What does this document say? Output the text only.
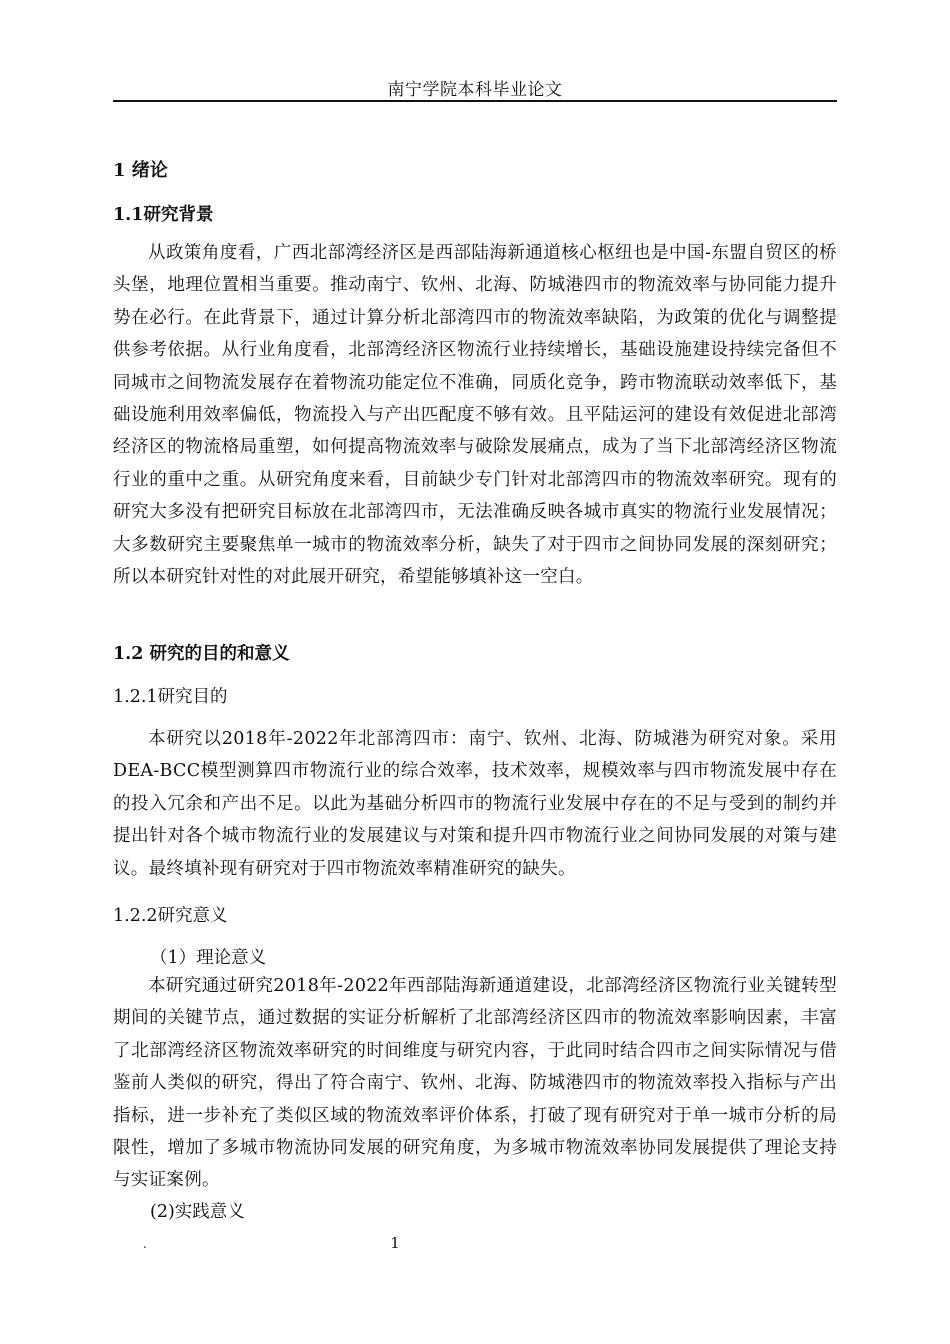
南宁学院本科毕业论文
1 绪论
1.1研究背景
从政策角度看，广西北部湾经济区是西部陆海新通道核心枢纽也是中国-东盟自贸区的桥头堡，地理位置相当重要。推动南宁、钦州、北海、防城港四市的物流效率与协同能力提升势在必行。在此背景下，通过计算分析北部湾四市的物流效率缺陷，为政策的优化与调整提供参考依据。从行业角度看，北部湾经济区物流行业持续增长，基础设施建设持续完备但不同城市之间物流发展存在着物流功能定位不准确，同质化竞争，跨市物流联动效率低下，基础设施利用效率偏低，物流投入与产出匹配度不够有效。且平陆运河的建设有效促进北部湾经济区的物流格局重塑，如何提高物流效率与破除发展痛点，成为了当下北部湾经济区物流行业的重中之重。从研究角度来看，目前缺少专门针对北部湾四市的物流效率研究。现有的研究大多没有把研究目标放在北部湾四市，无法准确反映各城市真实的物流行业发展情况；大多数研究主要聚焦单一城市的物流效率分析，缺失了对于四市之间协同发展的深刻研究；所以本研究针对性的对此展开研究，希望能够填补这一空白。
1.2 研究的目的和意义
1.2.1研究目的
本研究以2018年-2022年北部湾四市：南宁、钦州、北海、防城港为研究对象。采用DEA-BCC模型测算四市物流行业的综合效率，技术效率，规模效率与四市物流发展中存在的投入冗余和产出不足。以此为基础分析四市的物流行业发展中存在的不足与受到的制约并提出针对各个城市物流行业的发展建议与对策和提升四市物流行业之间协同发展的对策与建议。最终填补现有研究对于四市物流效率精准研究的缺失。
1.2.2研究意义
（1）理论意义
本研究通过研究2018年-2022年西部陆海新通道建设，北部湾经济区物流行业关键转型期间的关键节点，通过数据的实证分析解析了北部湾经济区四市的物流效率影响因素，丰富了北部湾经济区物流效率研究的时间维度与研究内容，于此同时结合四市之间实际情况与借鉴前人类似的研究，得出了符合南宁、钦州、北海、防城港四市的物流效率投入指标与产出指标，进一步补充了类似区域的物流效率评价体系，打破了现有研究对于单一城市分析的局限性，增加了多城市物流协同发展的研究角度，为多城市物流效率协同发展提供了理论支持与实证案例。
(2)实践意义
.	1
